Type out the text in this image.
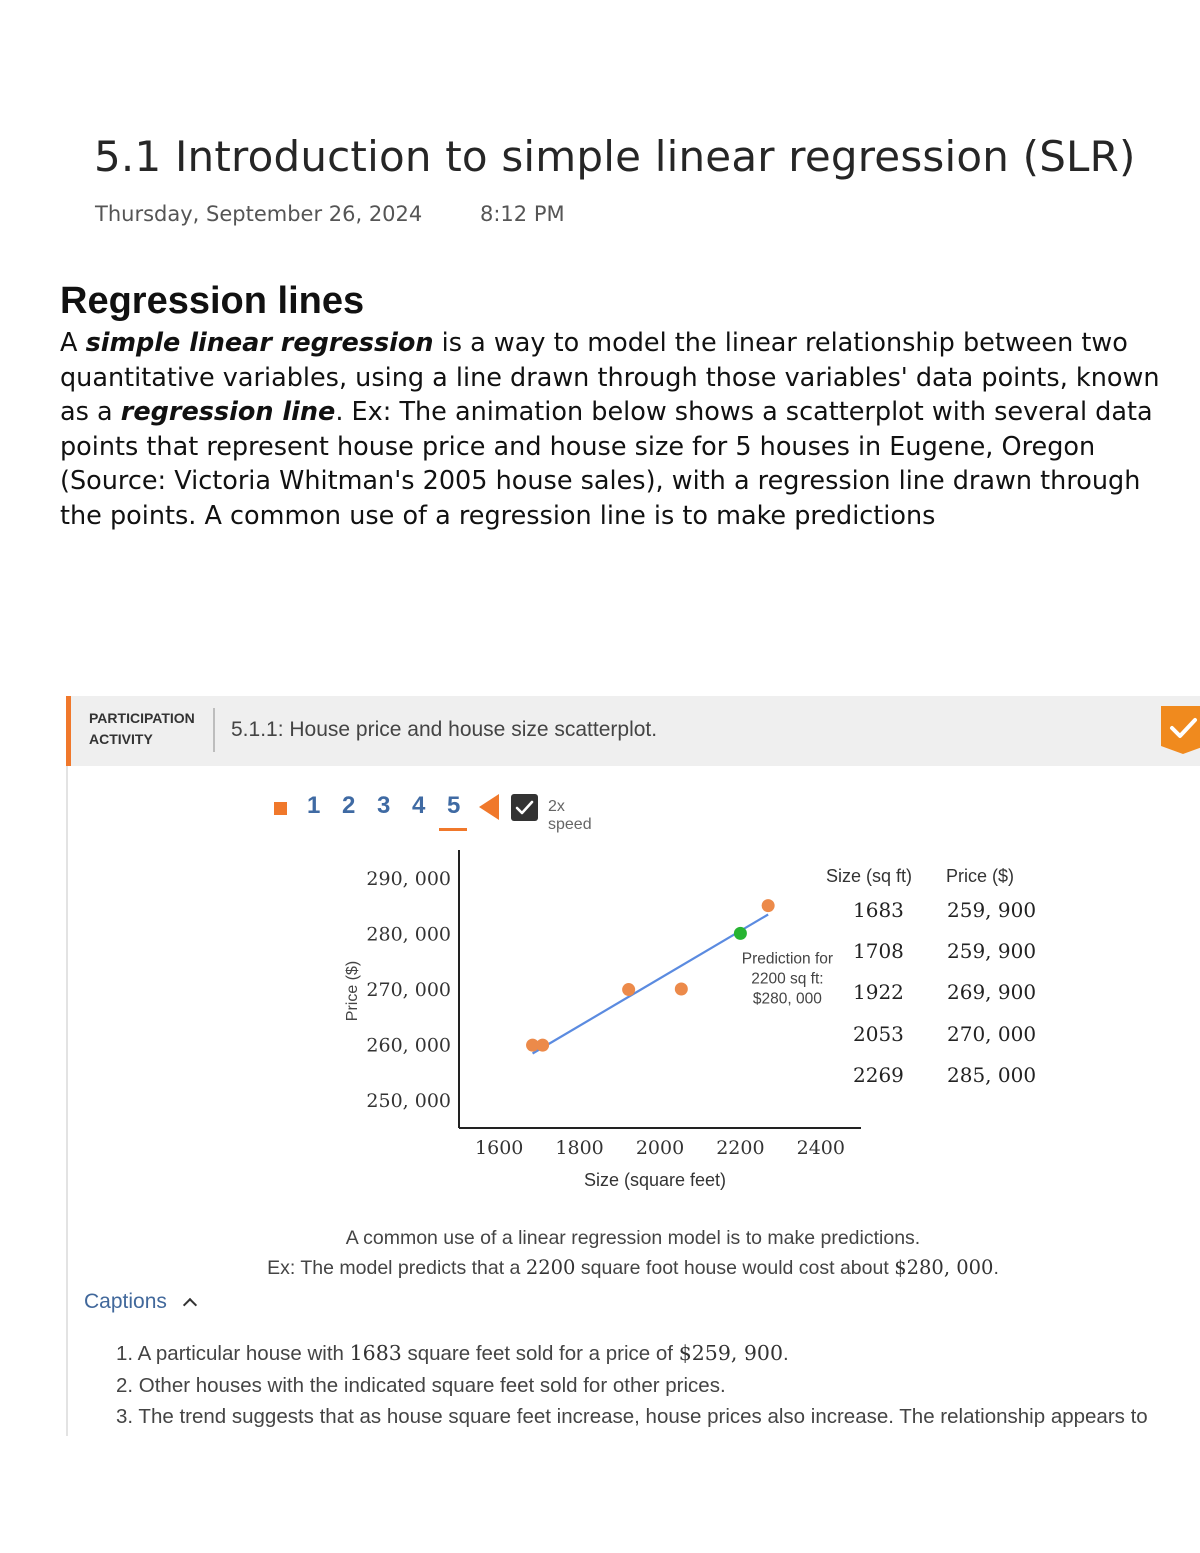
5.1 Introduction to simple linear regression (SLR)
Thursday, September 26, 2024	8:12 PM
Regression lines

A simple linear regression is a way to model the linear relationship between two quantitative variables, using a line drawn through those variables' data points, known as a regression line. Ex: The animation below shows a scatterplot with several data points that represent house price and house size for 5 houses in Eugene, Oregon (Source: Victoria Whitman's 2005 house sales), with a regression line drawn through the points. A common use of a regression line is to make predictions

PARTICIPATION
ACTIVITY	5.1.1: House price and house size scatterplot.
1 2 3 4 5	2x speed
250, 000
260, 000
270, 000
280, 000
290, 000
1600 1800 2000 2200 2400
Size (square feet)
Price ($)
Prediction for
2200 sq ft:
$280, 000
Size (sq ft) Price ($)
1683 259, 900
1708 259, 900
1922 269, 900
2053 270, 000
2269 285, 000
A common use of a linear regression model is to make predictions.
Ex: The model predicts that a 2200 square foot house would cost about $280, 000.
Captions
1. A particular house with 1683 square feet sold for a price of $259, 900.
2. Other houses with the indicated square feet sold for other prices.
3. The trend suggests that as house square feet increase, house prices also increase. The relationship appears to
